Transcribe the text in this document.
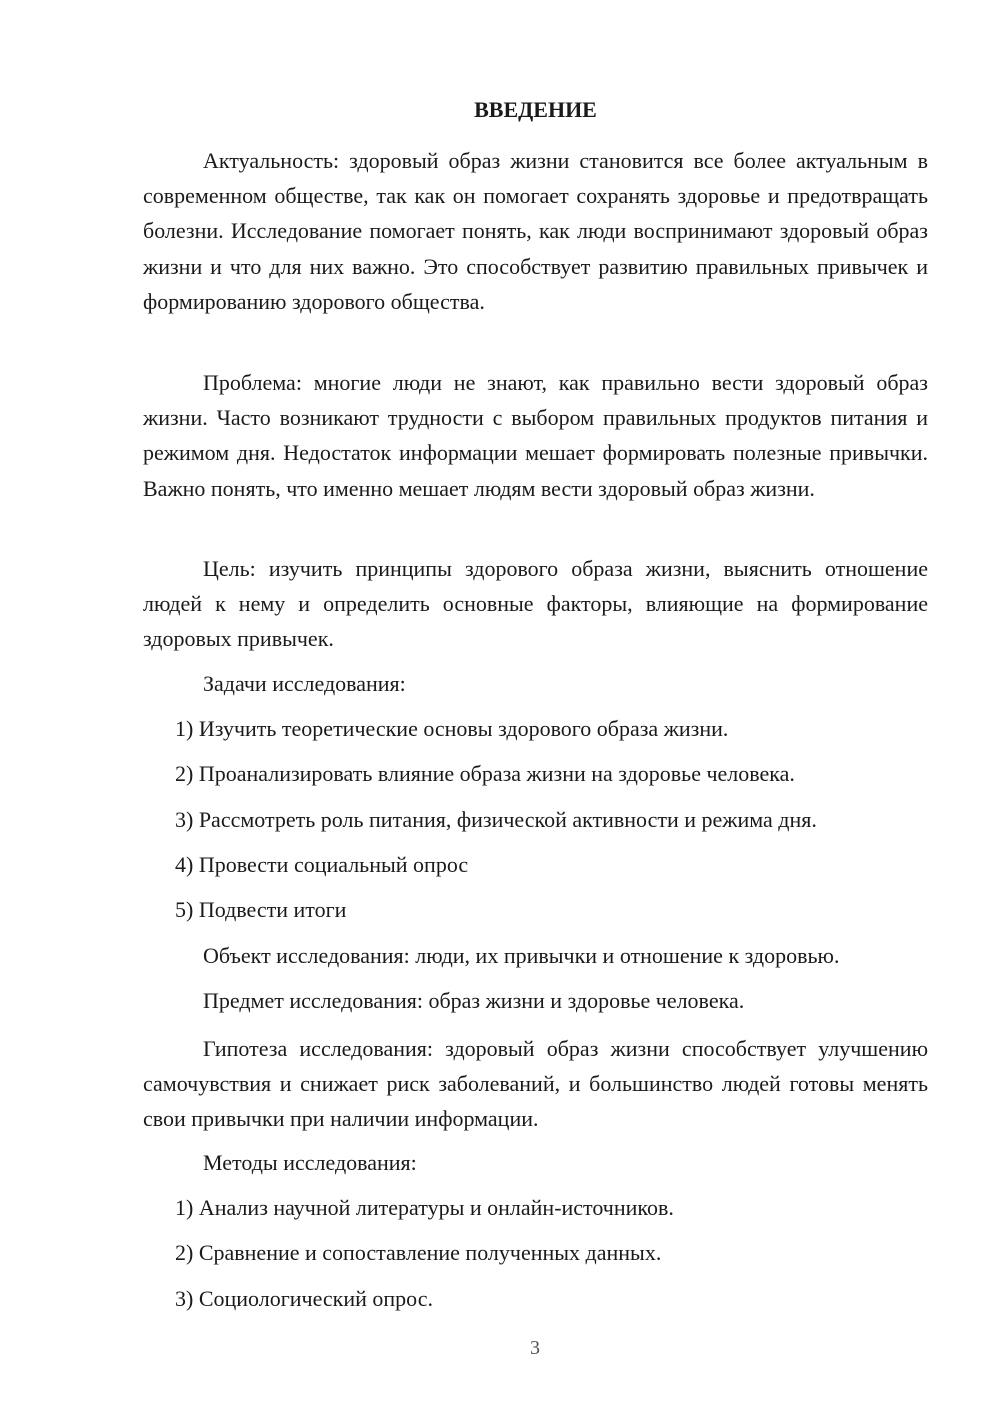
ВВЕДЕНИЕ

Актуальность: здоровый образ жизни становится все более актуальным в современном обществе, так как он помогает сохранять здоровье и предотвращать болезни. Исследование помогает понять, как люди воспринимают здоровый образ жизни и что для них важно. Это способствует развитию правильных привычек и формированию здорового общества.

Проблема: многие люди не знают, как правильно вести здоровый образ жизни. Часто возникают трудности с выбором правильных продуктов питания и режимом дня. Недостаток информации мешает формировать полезные привычки. Важно понять, что именно мешает людям вести здоровый образ жизни.

Цель: изучить принципы здорового образа жизни, выяснить отношение людей к нему и определить основные факторы, влияющие на формирование здоровых привычек.

Задачи исследования:

1) Изучить теоретические основы здорового образа жизни.

2) Проанализировать влияние образа жизни на здоровье человека.

3) Рассмотреть роль питания, физической активности и режима дня.

4) Провести социальный опрос

5) Подвести итоги

Объект исследования: люди, их привычки и отношение к здоровью.

Предмет исследования: образ жизни и здоровье человека.

Гипотеза исследования: здоровый образ жизни способствует улучшению самочувствия и снижает риск заболеваний, и большинство людей готовы менять свои привычки при наличии информации.

Методы исследования:

1) Анализ научной литературы и онлайн-источников.

2) Сравнение и сопоставление полученных данных.

3) Социологический опрос.

3
